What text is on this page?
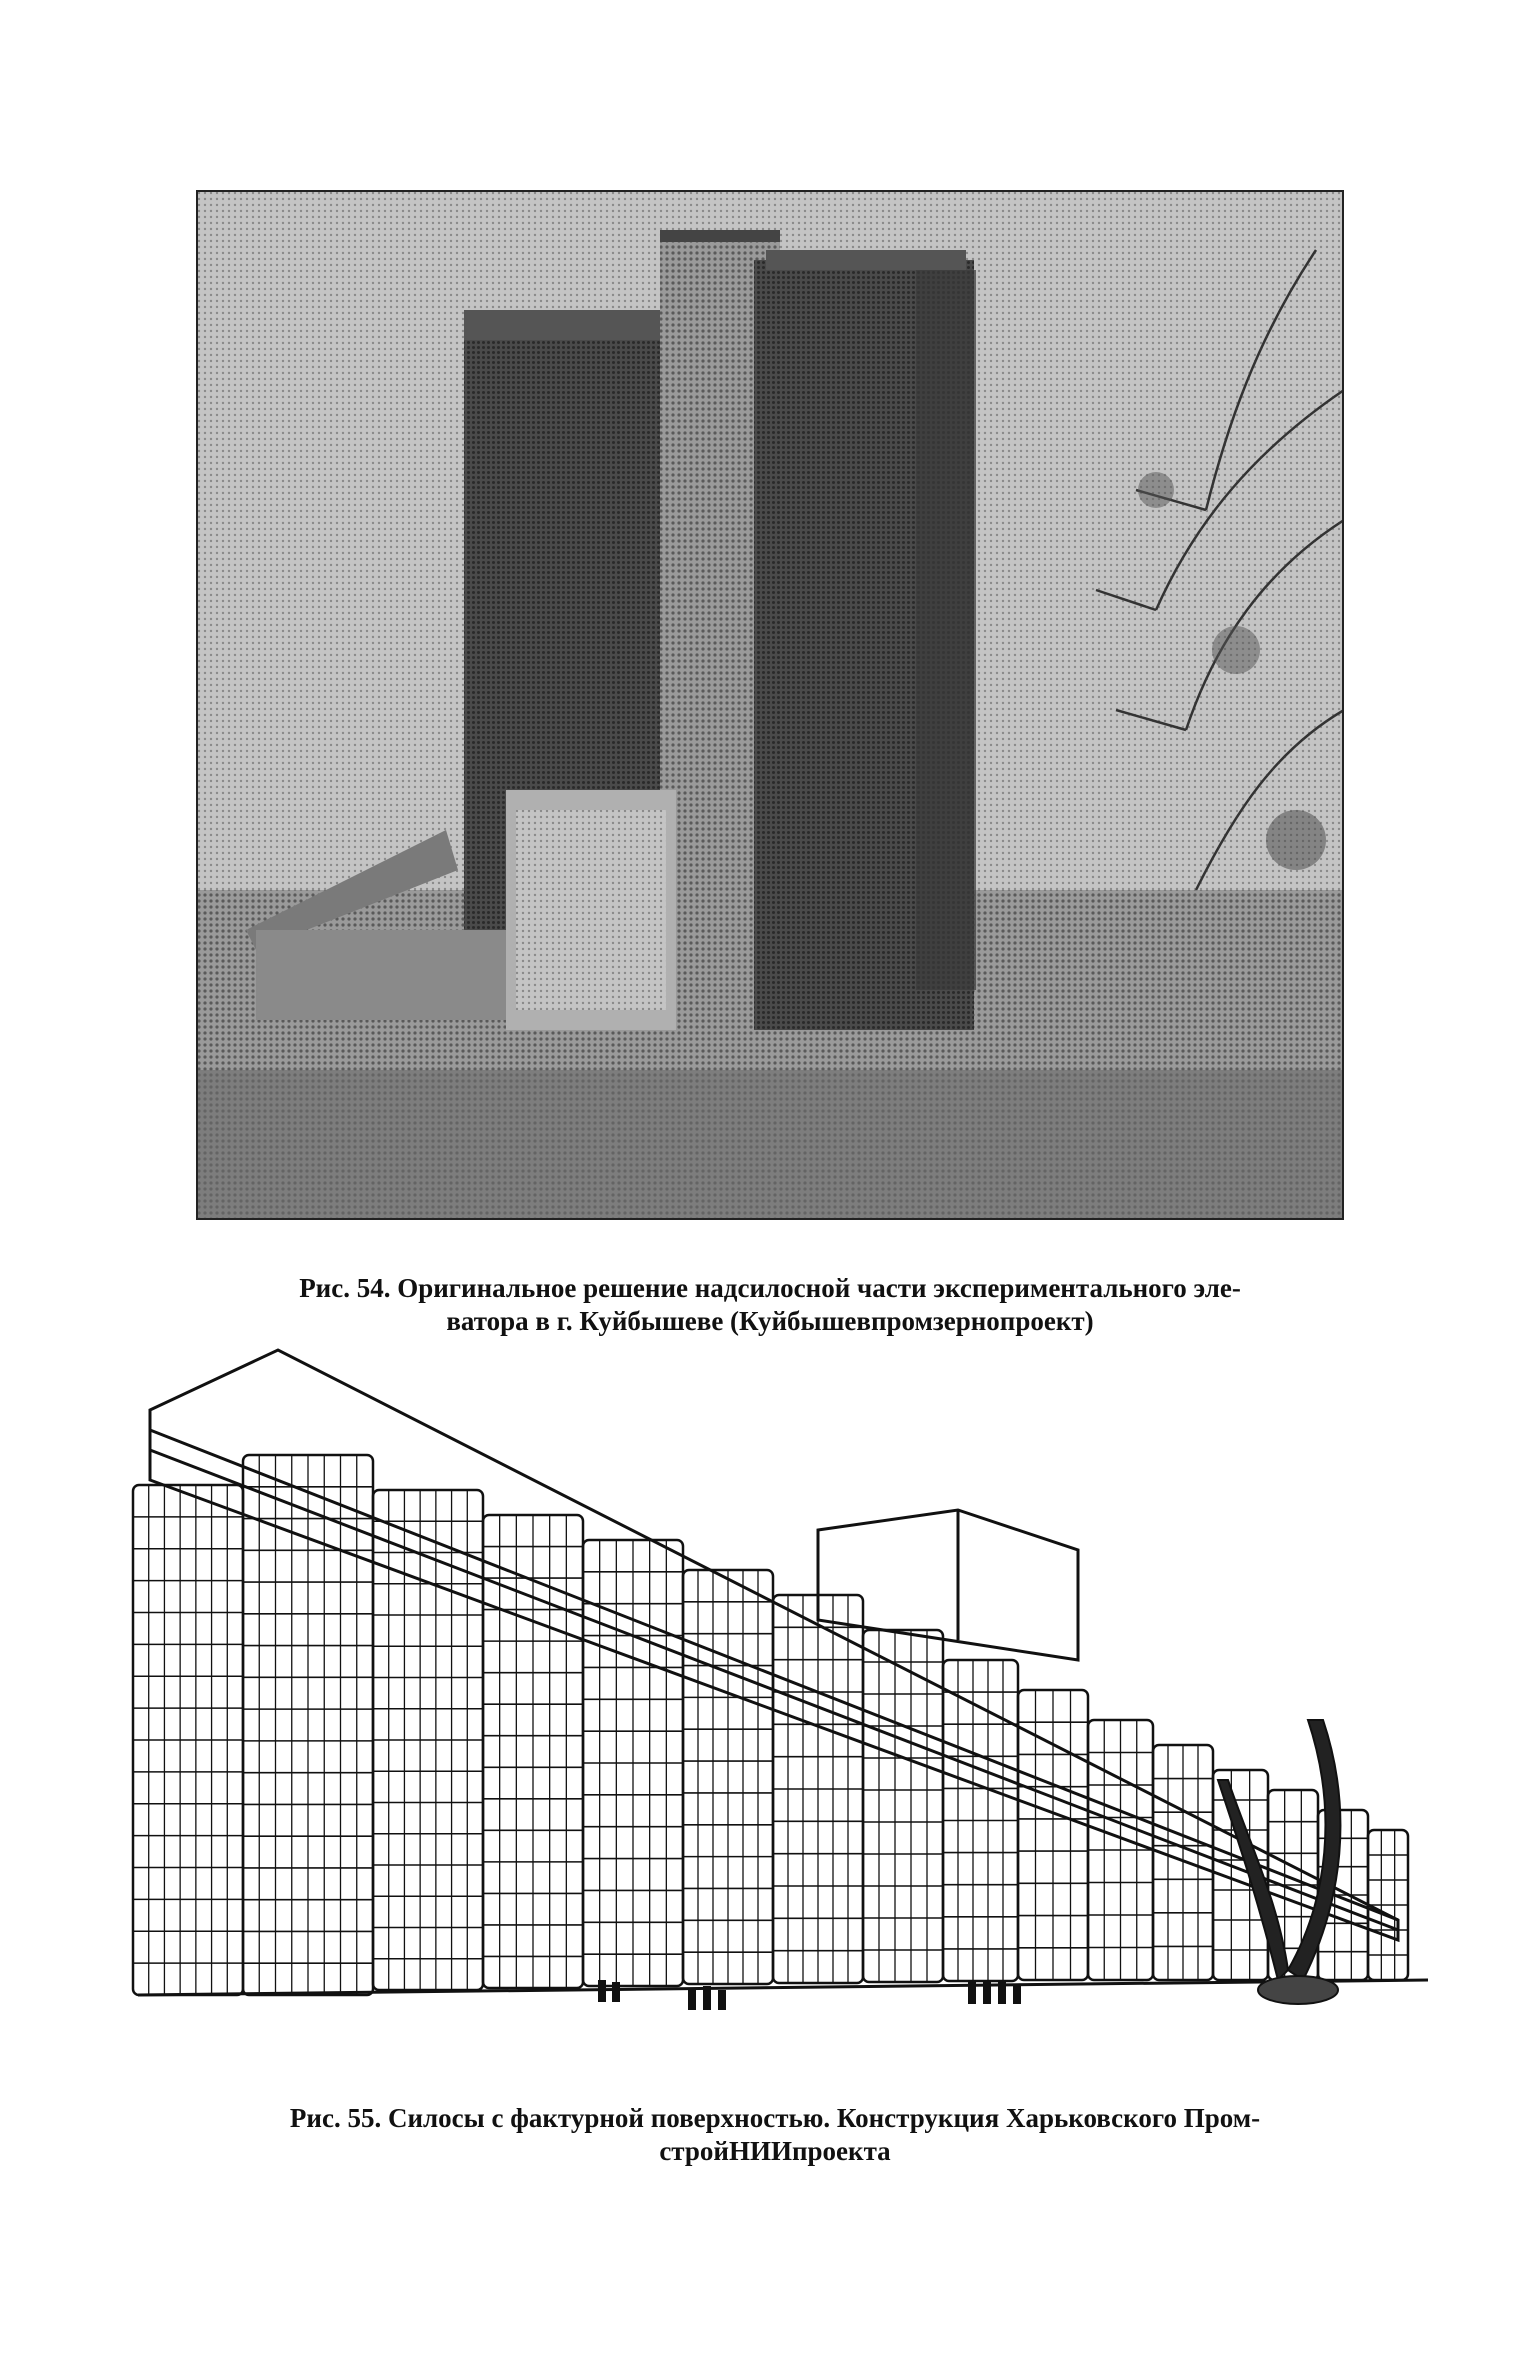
Рис. 54. Оригинальное решение надсилосной части экспериментального эле-
ватора в г. Куйбышеве (Куйбышевпромзернопроект)
Рис. 55. Силосы с фактурной поверхностью. Конструкция Харьковского Пром-
стройНИИпроекта
